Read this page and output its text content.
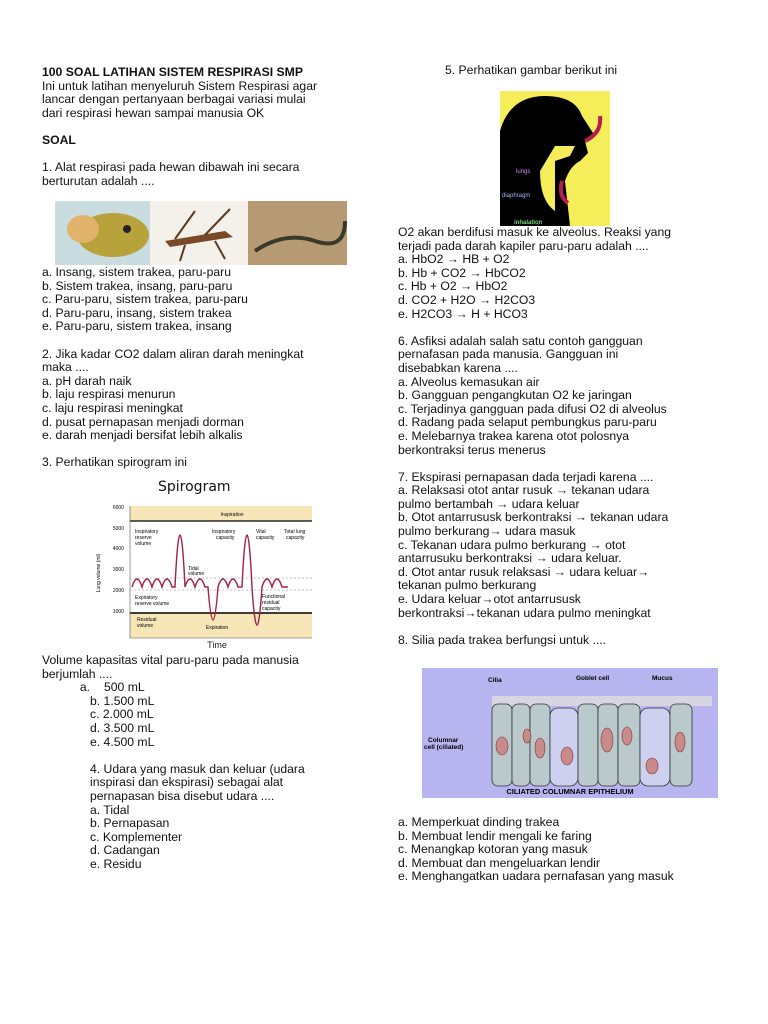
100 SOAL LATIHAN SISTEM RESPIRASI SMP
Ini untuk latihan menyeluruh Sistem Respirasi agar
lancar dengan pertanyaan berbagai variasi mulai
dari respirasi hewan sampai manusia OK
SOAL
1. Alat respirasi pada hewan dibawah ini secara
berturutan adalah ....
a. Insang, sistem trakea, paru-paru
b. Sistem trakea, insang, paru-paru
c. Paru-paru, sistem trakea, paru-paru
d. Paru-paru, insang, sistem trakea
e. Paru-paru, sistem trakea, insang
2. Jika kadar CO2 dalam aliran darah meningkat
maka ....
a. pH darah naik
b. laju respirasi menurun
c. laju respirasi meningkat
d. pusat pernapasan menjadi dorman
e. darah menjadi bersifat lebih alkalis
3. Perhatikan spirogram ini
Spirogram
Inspiration
Expiration
Time
Lung volume (ml)
6000
5000
4000
3000
2000
1000
Inspiratory
reserve
volume
Inspiratory
capacity
Vital
capacity
Total lung
capacity
Tidal
volume
Expiratory
reserve volume
Functional
residual
capacity
Residual
volume
Volume kapasitas vital paru-paru pada manusia
berjumlah ....
a. 500 mL
b. 1.500 mL
c. 2.000 mL
d. 3.500 mL
e. 4.500 mL
4. Udara yang masuk dan keluar (udara
inspirasi dan ekspirasi) sebagai alat
pernapasan bisa disebut udara ....
a. Tidal
b. Pernapasan
c. Komplementer
d. Cadangan
e. Residu
5. Perhatikan gambar berikut ini
lungs
diaphragm
inhalation
O2 akan berdifusi masuk ke alveolus. Reaksi yang
terjadi pada darah kapiler paru-paru adalah ....
a. HbO2 → HB + O2
b. Hb + CO2 → HbCO2
c. Hb + O2 → HbO2
d. CO2 + H2O → H2CO3
e. H2CO3 → H + HCO3
6. Asfiksi adalah salah satu contoh gangguan
pernafasan pada manusia. Gangguan ini
disebabkan karena ....
a. Alveolus kemasukan air
b. Gangguan pengangkutan O2 ke jaringan
c. Terjadinya gangguan pada difusi O2 di alveolus
d. Radang pada selaput pembungkus paru-paru
e. Melebarnya trakea karena otot polosnya
berkontraksi terus menerus
7. Ekspirasi pernapasan dada terjadi karena ....
a. Relaksasi otot antar rusuk → tekanan udara
pulmo bertambah → udara keluar
b. Otot antarrususk berkontraksi → tekanan udara
pulmo berkurang→ udara masuk
c. Tekanan udara pulmo berkurang → otot
antarrusuku berkontraksi → udara keluar.
d. Otot antar rusuk relaksasi → udara keluar→
tekanan pulmo berkurang
e. Udara keluar→otot antarrususk
berkontraksi→tekanan udara pulmo meningkat
8. Silia pada trakea berfungsi untuk ....
Cilia	Goblet cell	Mucus
Columnar
cell (ciliated)
CILIATED COLUMNAR EPITHELIUM
a. Memperkuat dinding trakea
b. Membuat lendir mengali ke faring
c. Menangkap kotoran yang masuk
d. Membuat dan mengeluarkan lendir
e. Menghangatkan uadara pernafasan yang masuk
